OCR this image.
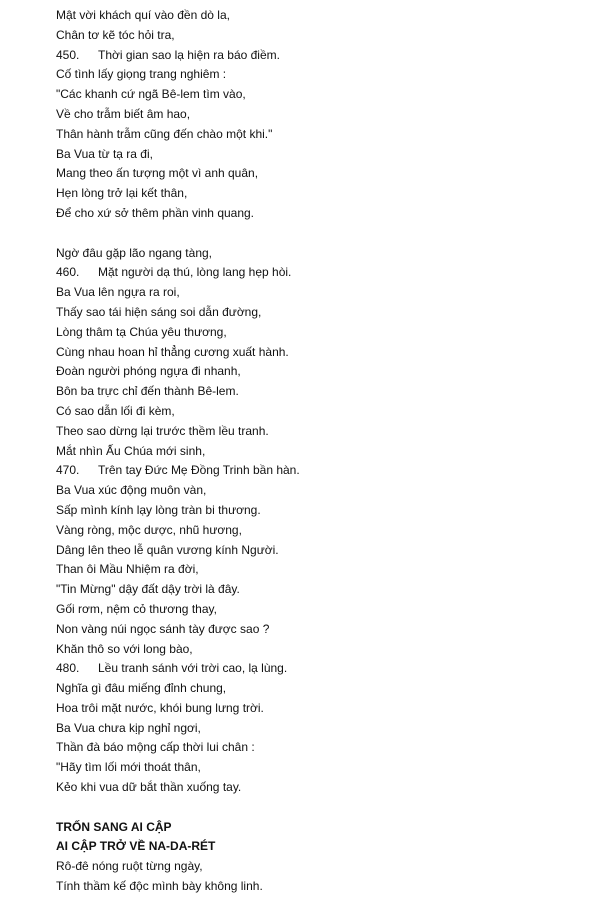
Mật vời khách quí vào đền dò la,
Chân tơ kẽ tóc hỏi tra,
450. Thời gian sao lạ hiện ra báo điềm.
Cố tình lấy giọng trang nghiêm :
"Các khanh cứ ngã Bê-lem tìm vào,
Về cho trẫm biết âm hao,
Thân hành trẫm cũng đến chào một khi."
Ba Vua từ tạ ra đi,
Mang theo ấn tượng một vì anh quân,
Hẹn lòng trở lại kết thân,
Để cho xứ sở thêm phần vinh quang.
Ngờ đâu gặp lão ngang tàng,
460. Mặt người dạ thú, lòng lang hẹp hòi.
Ba Vua lên ngựa ra roi,
Thấy sao tái hiện sáng soi dẫn đường,
Lòng thâm tạ Chúa yêu thương,
Cùng nhau hoan hỉ thẳng cương xuất hành.
Đoàn người phóng ngựa đi nhanh,
Bôn ba trực chỉ đến thành Bê-lem.
Có sao dẫn lối đi kèm,
Theo sao dừng lại trước thềm lều tranh.
Mắt nhìn Ấu Chúa mới sinh,
470. Trên tay Đức Mẹ Đồng Trinh bần hàn.
Ba Vua xúc động muôn vàn,
Sấp mình kính lạy lòng tràn bi thương.
Vàng ròng, mộc dược, nhũ hương,
Dâng lên theo lễ quân vương kính Người.
Than ôi Mầu Nhiệm ra đời,
"Tin Mừng" dậy đất dậy trời là đây.
Gối rơm, nệm cỏ thương thay,
Non vàng núi ngọc sánh tày được sao ?
Khăn thô so với long bào,
480. Lều tranh sánh với trời cao, lạ lùng.
Nghĩa gì đâu miếng đỉnh chung,
Hoa trôi mặt nước, khói bung lưng trời.
Ba Vua chưa kịp nghỉ ngơi,
Thần đà báo mộng cấp thời lui chân :
"Hãy tìm lối mới thoát thân,
Kẻo khi vua dữ bắt thần xuống tay.
TRỐN SANG AI CẬP
AI CẬP TRỞ VỀ NA-DA-RÉT
Rô-đê nóng ruột từng ngày,
Tính thầm kế độc mình bày không linh.
